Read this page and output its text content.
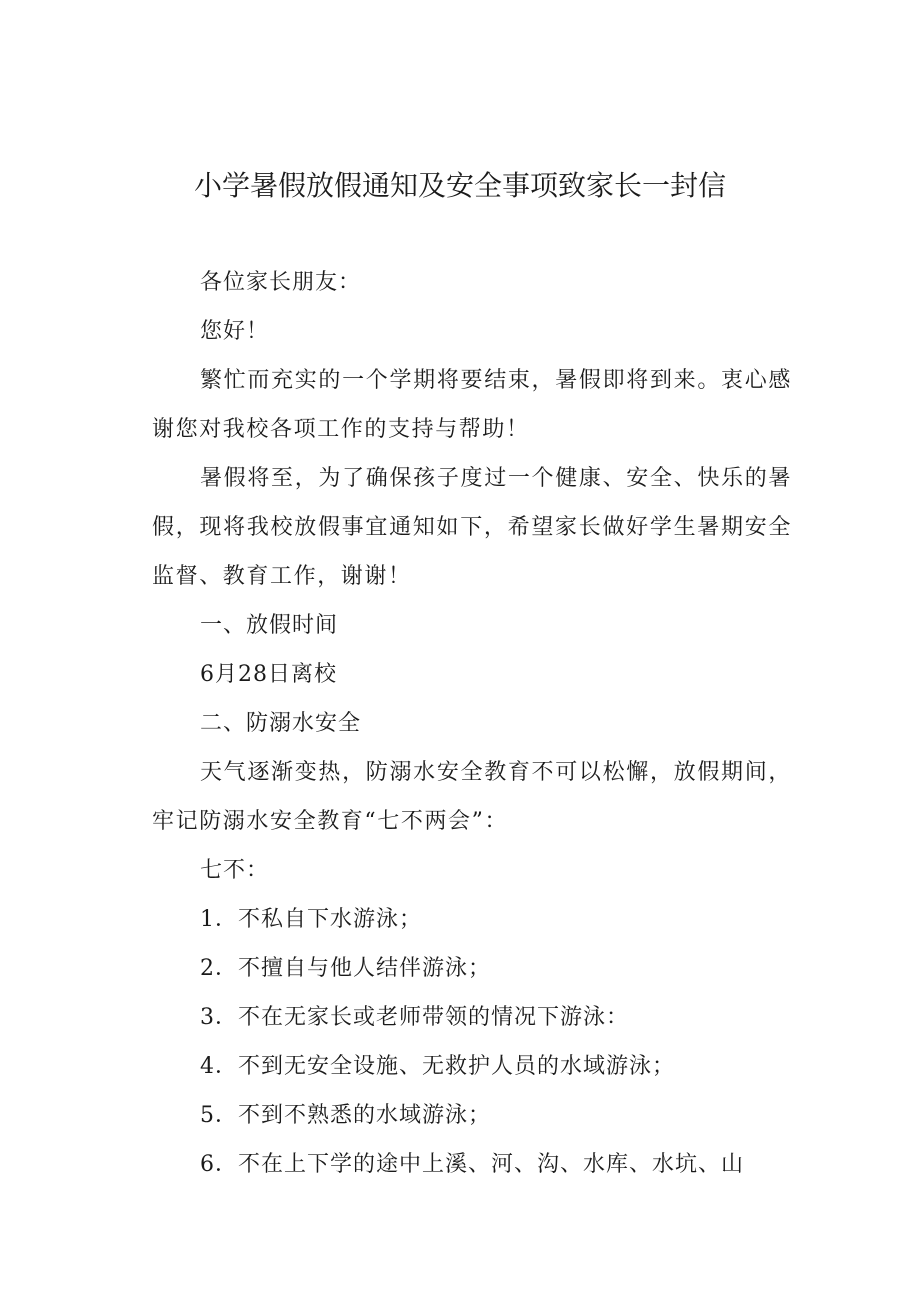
小学暑假放假通知及安全事项致家长一封信

各位家长朋友：

您好！

繁忙而充实的一个学期将要结束，暑假即将到来。衷心感谢您对我校各项工作的支持与帮助！

暑假将至，为了确保孩子度过一个健康、安全、快乐的暑假，现将我校放假事宜通知如下，希望家长做好学生暑期安全监督、教育工作，谢谢！

一、放假时间

6月28日离校

二、防溺水安全

天气逐渐变热，防溺水安全教育不可以松懈，放假期间，牢记防溺水安全教育“七不两会”：

七不：

1．不私自下水游泳；

2．不擅自与他人结伴游泳；

3．不在无家长或老师带领的情况下游泳：

4．不到无安全设施、无救护人员的水域游泳；

5．不到不熟悉的水域游泳；

6．不在上下学的途中上溪、河、沟、水库、水坑、山
